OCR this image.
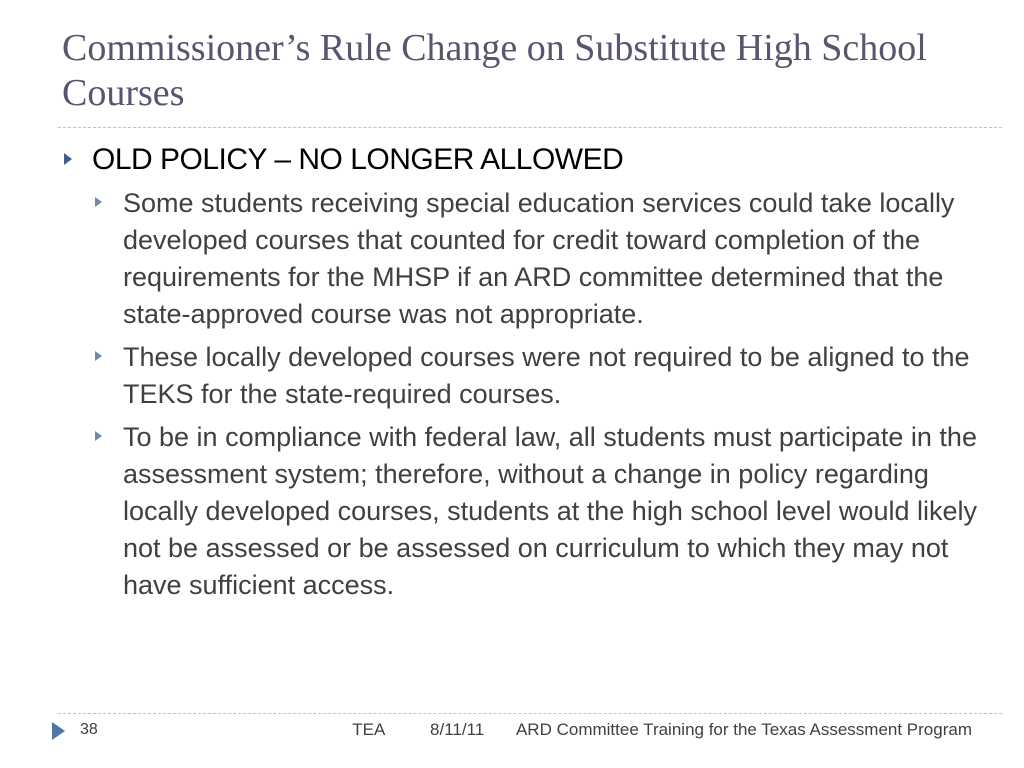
Commissioner’s Rule Change on Substitute High School Courses
OLD POLICY – NO LONGER ALLOWED
Some students receiving special education services could take locally developed courses that counted for credit toward completion of the requirements for the MHSP if an ARD committee determined that the state-approved course was not appropriate.
These locally developed courses were not required to be aligned to the TEKS for the state-required courses.
To be in compliance with federal law, all students must participate in the assessment system; therefore, without a change in policy regarding locally developed courses, students at the high school level would likely not be assessed or be assessed on curriculum to which they may not have sufficient access.
38	TEA	8/11/11 ARD Committee Training for the Texas Assessment Program
